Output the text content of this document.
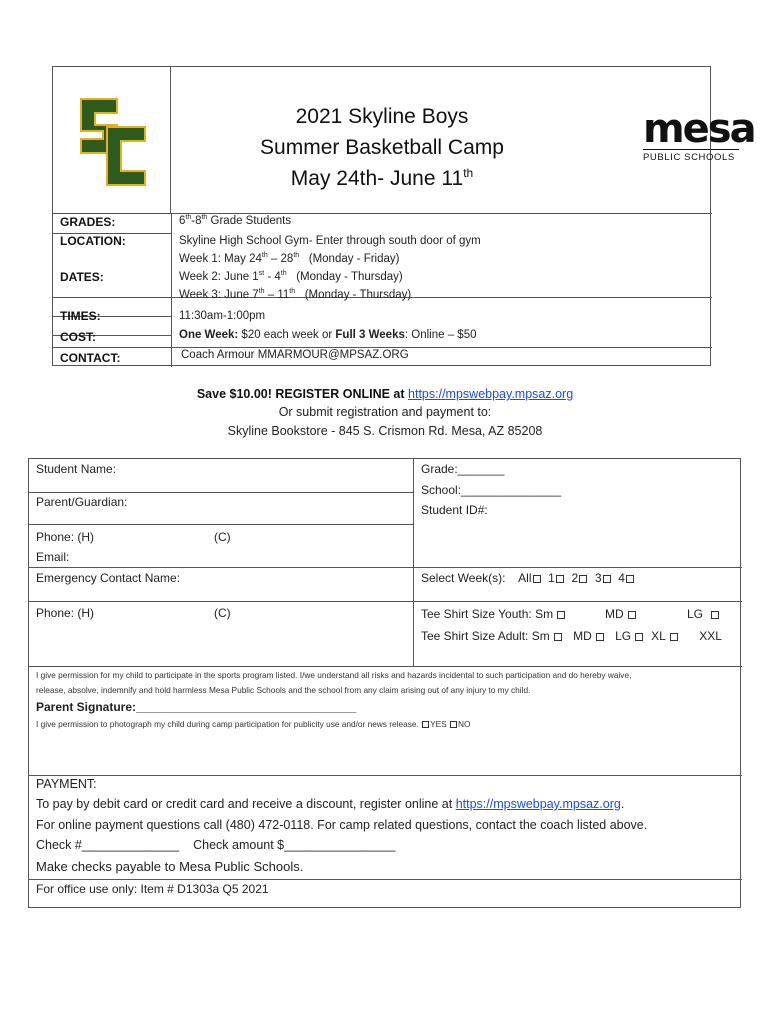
2021 Skyline Boys
Summer Basketball Camp
May 24th- June 11th
mesa
PUBLIC SCHOOLS
GRADES:	6th-8th Grade Students
LOCATION:	Skyline High School Gym- Enter through south door of gym
DATES:
Week 1: May 24th – 28th   (Monday - Friday)
Week 2: June 1st - 4th   (Monday - Thursday)
Week 3: June 7th – 11th   (Monday - Thursday)
TIMES:	11:30am-1:00pm
COST:	One Week: $20 each week or Full 3 Weeks: Online – $50
CONTACT:	Coach Armour MMARMOUR@MPSAZ.ORG
Save $10.00! REGISTER ONLINE at https://mpswebpay.mpsaz.org
Or submit registration and payment to:
Skyline Bookstore - 845 S. Crismon Rd. Mesa, AZ 85208
Student Name:
Parent/Guardian:
Phone: (H)	(C)
Email:
Emergency Contact Name:
Phone: (H)	(C)
Grade:_______
School:_______________
Student ID#:
Select Week(s): All 1 2 3 4
Tee Shirt Size Youth: Sm	MD	LG
Tee Shirt Size Adult: Sm MD LG XL	XXL
I give permission for my child to participate in the sports program listed. I/we understand all risks and hazards incidental to such participation and do hereby waive,
release, absolve, indemnify and hold harmless Mesa Public Schools and the school from any claim arising out of any injury to my child.
Parent Signature:_________________________________
I give permission to photograph my child during camp participation for publicity use and/or news release. YES NO
PAYMENT:
To pay by debit card or credit card and receive a discount, register online at https://mpswebpay.mpsaz.org.
For online payment questions call (480) 472-0118. For camp related questions, contact the coach listed above.
Check #______________ Check amount $________________
Make checks payable to Mesa Public Schools.
For office use only: Item # D1303a Q5 2021
